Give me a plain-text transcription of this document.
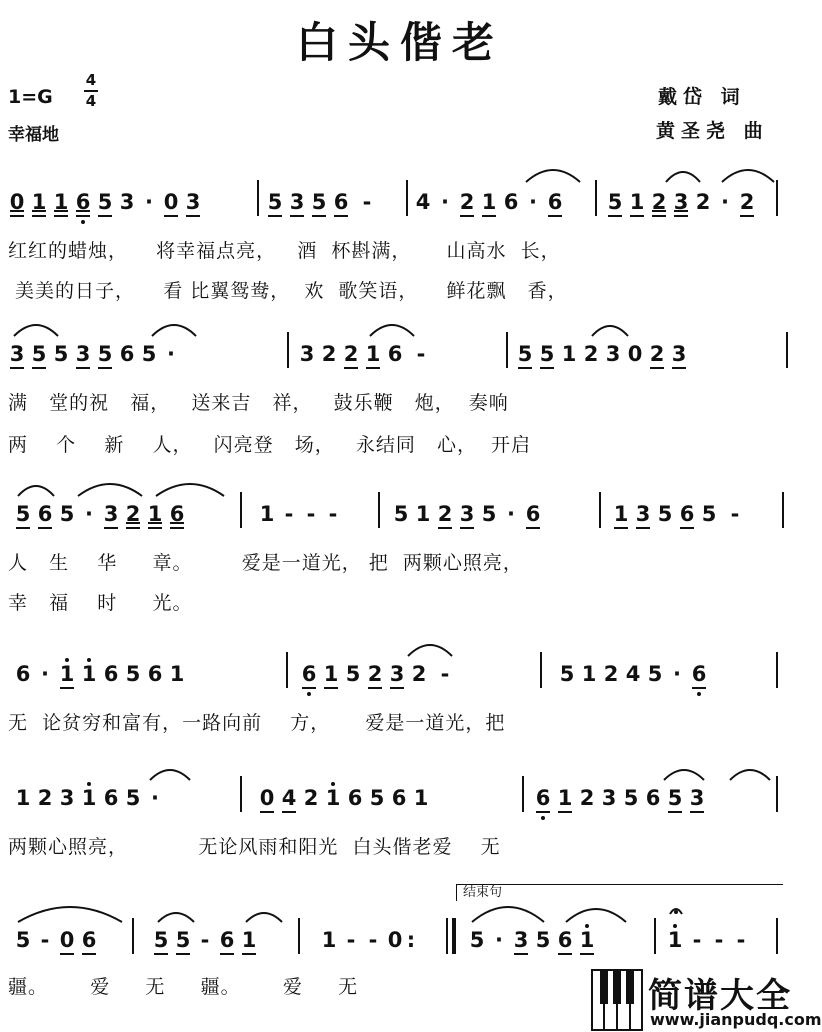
白头偕老
1=G
4
4
幸福地
戴岱 词
黄圣尧 曲
0 1 1 6 5 3 · 0 3	5 3 5 6 -	4 · 2 1 6 · 6 5 1 2 3 2 · 2
红红的蜡烛，    将幸福点亮，   酒  杯斟满，     山高水  长，
美美的日子，    看 比翼鸳鸯，  欢  歌笑语，    鲜花飘   香，
3 5 5 3 5 6 5 ·	3 2 2 1 6 -	5 5 1 2 3 0 2 3
满   堂的祝   福，   送来吉   祥，   鼓乐鞭   炮，  奏响
两    个    新    人，   闪亮登   场，   永结同   心，  开启
5 6 5 · 3 2 1 6	1 - - -	5 1 2 3 5 · 6	1 3 5 6 5 -
人   生    华     章。       爱是一道光， 把  两颗心照亮，
幸   福    时     光。
6 · 1 1 6 5 6 1	6 1 5 2 3 2 -	5 1 2 4 5 · 6
无  论贫穷和富有，一路向前    方，     爱是一道光，把
1 2 3 1 6 5 ·	0 4 2 1 6 5 6 1	6 1 2 3 5 6 5 3
两颗心照亮，          无论风雨和阳光  白头偕老爱    无
结束句
5 - 0 6	5 5 - 6 1	1 - - 0 :	5 · 3 5 6 1	1 - - -
疆。      爱     无     疆。      爱     无	简谱大全
www.jianpudq.com
